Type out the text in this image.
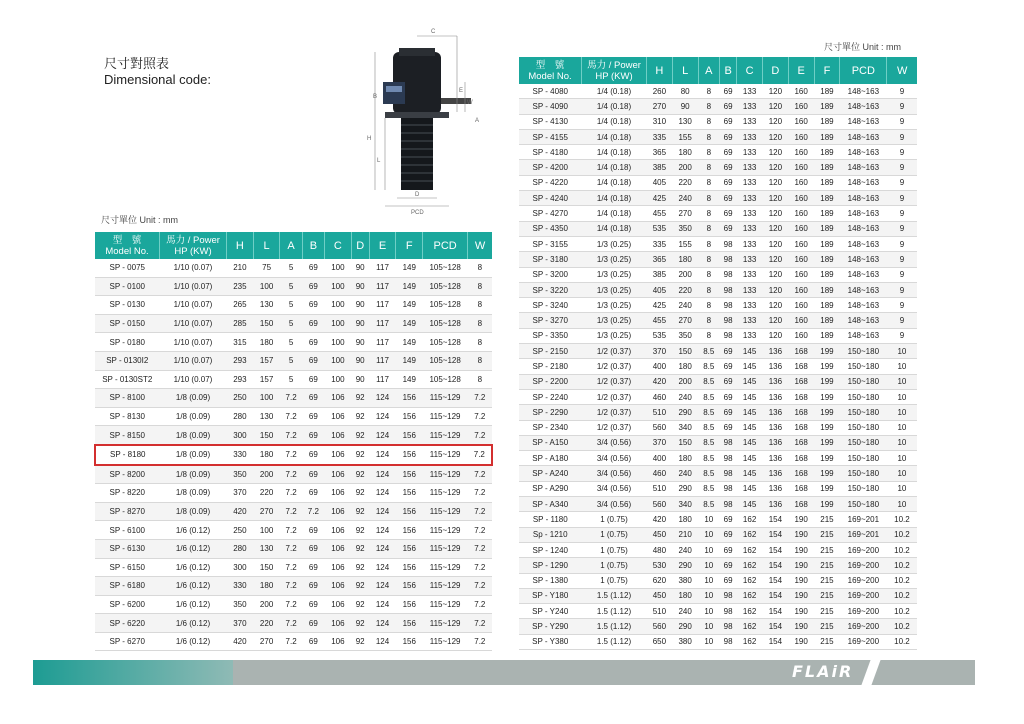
尺寸對照表
Dimensional code:
尺寸單位 Unit : mm
尺寸單位 Unit : mm
C
B
E
W
A
H
L
D
PCD
型　號
Model No.	馬力 / Power
HP (KW)	H	L	A	B	C	D	E	F	PCD	W
SP - 0075	1/10 (0.07)	210	75	5	69	100	90	117	149	105~128	8
SP - 0100	1/10 (0.07)	235	100	5	69	100	90	117	149	105~128	8
SP - 0130	1/10 (0.07)	265	130	5	69	100	90	117	149	105~128	8
SP - 0150	1/10 (0.07)	285	150	5	69	100	90	117	149	105~128	8
SP - 0180	1/10 (0.07)	315	180	5	69	100	90	117	149	105~128	8
SP - 0130I2	1/10 (0.07)	293	157	5	69	100	90	117	149	105~128	8
SP - 0130ST2	1/10 (0.07)	293	157	5	69	100	90	117	149	105~128	8
SP - 8100	1/8 (0.09)	250	100	7.2	69	106	92	124	156	115~129	7.2
SP - 8130	1/8 (0.09)	280	130	7.2	69	106	92	124	156	115~129	7.2
SP - 8150	1/8 (0.09)	300	150	7.2	69	106	92	124	156	115~129	7.2
SP - 8180	1/8 (0.09)	330	180	7.2	69	106	92	124	156	115~129	7.2
SP - 8200	1/8 (0.09)	350	200	7.2	69	106	92	124	156	115~129	7.2
SP - 8220	1/8 (0.09)	370	220	7.2	69	106	92	124	156	115~129	7.2
SP - 8270	1/8 (0.09)	420	270	7.2	7.2	106	92	124	156	115~129	7.2
SP - 6100	1/6 (0.12)	250	100	7.2	69	106	92	124	156	115~129	7.2
SP - 6130	1/6 (0.12)	280	130	7.2	69	106	92	124	156	115~129	7.2
SP - 6150	1/6 (0.12)	300	150	7.2	69	106	92	124	156	115~129	7.2
SP - 6180	1/6 (0.12)	330	180	7.2	69	106	92	124	156	115~129	7.2
SP - 6200	1/6 (0.12)	350	200	7.2	69	106	92	124	156	115~129	7.2
SP - 6220	1/6 (0.12)	370	220	7.2	69	106	92	124	156	115~129	7.2
SP - 6270	1/6 (0.12)	420	270	7.2	69	106	92	124	156	115~129	7.2
型　號
Model No.	馬力 / Power
HP (KW)	H	L	A	B	C	D	E	F	PCD	W
SP - 4080	1/4 (0.18)	260	80	8	69	133	120	160	189	148~163	9
SP - 4090	1/4 (0.18)	270	90	8	69	133	120	160	189	148~163	9
SP - 4130	1/4 (0.18)	310	130	8	69	133	120	160	189	148~163	9
SP - 4155	1/4 (0.18)	335	155	8	69	133	120	160	189	148~163	9
SP - 4180	1/4 (0.18)	365	180	8	69	133	120	160	189	148~163	9
SP - 4200	1/4 (0.18)	385	200	8	69	133	120	160	189	148~163	9
SP - 4220	1/4 (0.18)	405	220	8	69	133	120	160	189	148~163	9
SP - 4240	1/4 (0.18)	425	240	8	69	133	120	160	189	148~163	9
SP - 4270	1/4 (0.18)	455	270	8	69	133	120	160	189	148~163	9
SP - 4350	1/4 (0.18)	535	350	8	69	133	120	160	189	148~163	9
SP - 3155	1/3 (0.25)	335	155	8	98	133	120	160	189	148~163	9
SP - 3180	1/3 (0.25)	365	180	8	98	133	120	160	189	148~163	9
SP - 3200	1/3 (0.25)	385	200	8	98	133	120	160	189	148~163	9
SP - 3220	1/3 (0.25)	405	220	8	98	133	120	160	189	148~163	9
SP - 3240	1/3 (0.25)	425	240	8	98	133	120	160	189	148~163	9
SP - 3270	1/3 (0.25)	455	270	8	98	133	120	160	189	148~163	9
SP - 3350	1/3 (0.25)	535	350	8	98	133	120	160	189	148~163	9
SP - 2150	1/2 (0.37)	370	150	8.5	69	145	136	168	199	150~180	10
SP - 2180	1/2 (0.37)	400	180	8.5	69	145	136	168	199	150~180	10
SP - 2200	1/2 (0.37)	420	200	8.5	69	145	136	168	199	150~180	10
SP - 2240	1/2 (0.37)	460	240	8.5	69	145	136	168	199	150~180	10
SP - 2290	1/2 (0.37)	510	290	8.5	69	145	136	168	199	150~180	10
SP - 2340	1/2 (0.37)	560	340	8.5	69	145	136	168	199	150~180	10
SP - A150	3/4 (0.56)	370	150	8.5	98	145	136	168	199	150~180	10
SP - A180	3/4 (0.56)	400	180	8.5	98	145	136	168	199	150~180	10
SP - A240	3/4 (0.56)	460	240	8.5	98	145	136	168	199	150~180	10
SP - A290	3/4 (0.56)	510	290	8.5	98	145	136	168	199	150~180	10
SP - A340	3/4 (0.56)	560	340	8.5	98	145	136	168	199	150~180	10
SP - 1180	1 (0.75)	420	180	10	69	162	154	190	215	169~201	10.2
Sp - 1210	1 (0.75)	450	210	10	69	162	154	190	215	169~201	10.2
SP - 1240	1 (0.75)	480	240	10	69	162	154	190	215	169~200	10.2
SP - 1290	1 (0.75)	530	290	10	69	162	154	190	215	169~200	10.2
SP - 1380	1 (0.75)	620	380	10	69	162	154	190	215	169~200	10.2
SP - Y180	1.5 (1.12)	450	180	10	98	162	154	190	215	169~200	10.2
SP - Y240	1.5 (1.12)	510	240	10	98	162	154	190	215	169~200	10.2
SP - Y290	1.5 (1.12)	560	290	10	98	162	154	190	215	169~200	10.2
SP - Y380	1.5 (1.12)	650	380	10	98	162	154	190	215	169~200	10.2
FLAiR
